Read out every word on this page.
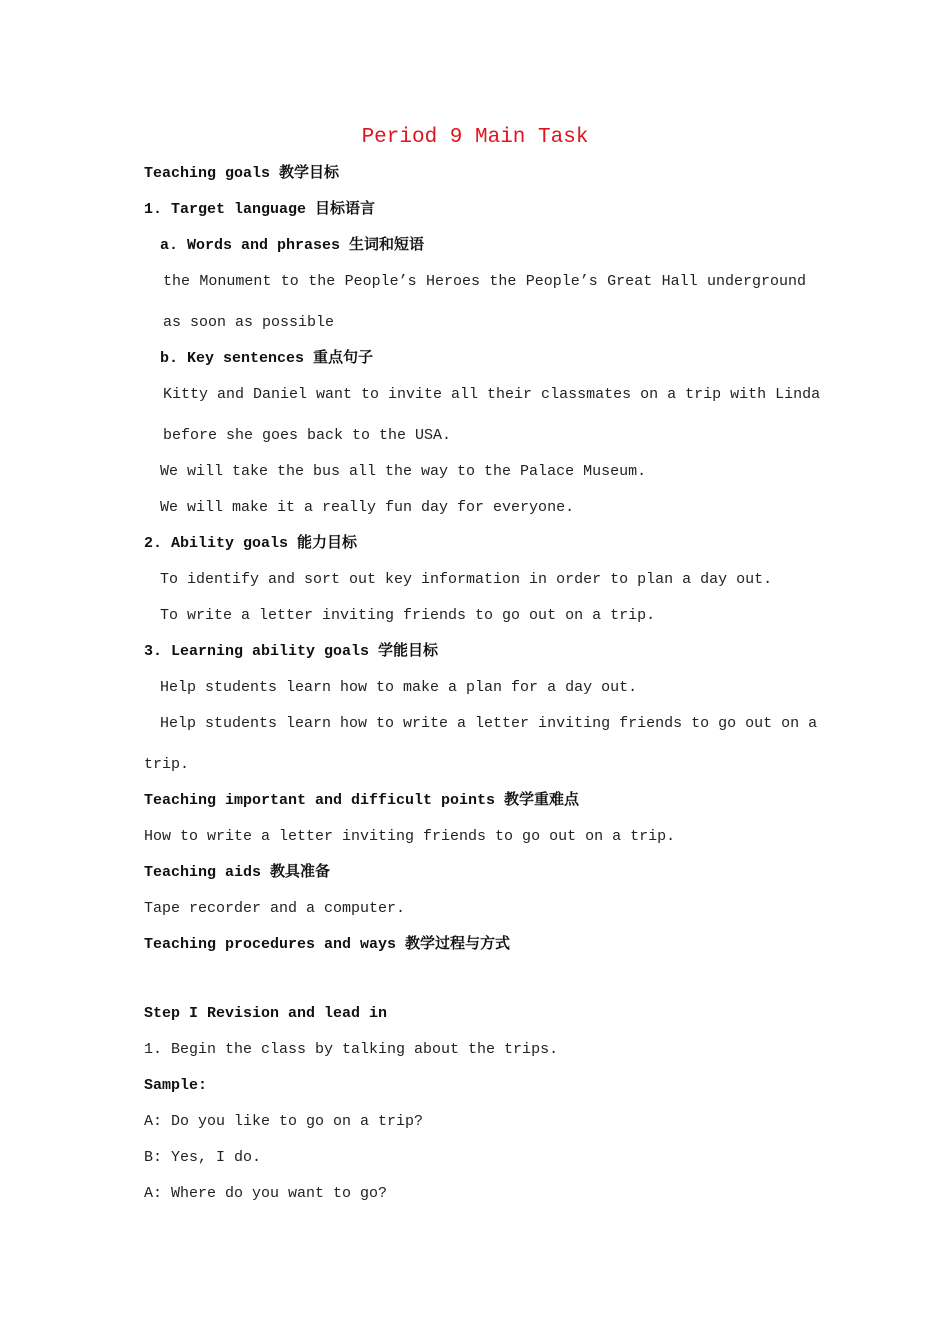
Period 9 Main Task
Teaching goals 教学目标
1. Target language 目标语言
a. Words and phrases 生词和短语
the Monument to the People’s Heroes the People’s Great Hall underground
as soon as possible
b. Key sentences 重点句子
Kitty and Daniel want to invite all their classmates on a trip with Linda
before she goes back to the USA.
We will take the bus all the way to the Palace Museum.
We will make it a really fun day for everyone.
2. Ability goals 能力目标
To identify and sort out key information in order to plan a day out.
To write a letter inviting friends to go out on a trip.
3. Learning ability goals 学能目标
Help students learn how to make a plan for a day out.
Help students learn how to write a letter inviting friends to go out on a
trip.
Teaching important and difficult points 教学重难点
How to write a letter inviting friends to go out on a trip.
Teaching aids 教具准备
Tape recorder and a computer.
Teaching procedures and ways 教学过程与方式
Step I Revision and lead in
1. Begin the class by talking about the trips.
Sample:
A: Do you like to go on a trip?
B: Yes, I do.
A: Where do you want to go?
